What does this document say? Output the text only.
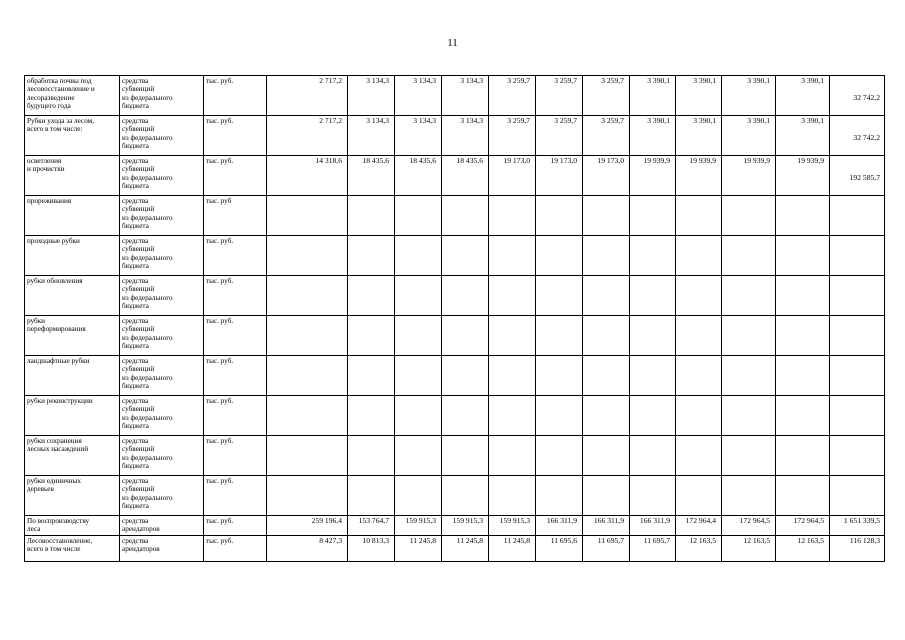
11
обработка почвы под
лесовосстановление и
лесоразведение
будущего года	средства
субвенций
из федерального
бюджета	тыс. руб.	2 717,2	3 134,3	3 134,3	3 134,3	3 259,7	3 259,7	3 259,7	3 390,1	3 390,1	3 390,1	3 390,1	32 742,2
Рубки ухода за лесом,
всего в том числе:	средства
субвенций
из федерального
бюджета	тыс. руб.	2 717,2	3 134,3	3 134,3	3 134,3	3 259,7	3 259,7	3 259,7	3 390,1	3 390,1	3 390,1	3 390,1	32 742,2
осветления
и прочистки	средства
субвенций
из федерального
бюджета	тыс. руб.	14 318,6	18 435,6	18 435,6	18 435,6	19 173,0	19 173,0	19 173,0	19 939,9	19 939,9	19 939,9	19 939,9	192 585,7
прореживания	средства
субвенций
из федерального
бюджета	тыс. руб												
проходные рубки	средства
субвенций
из федерального
бюджета	тыс. руб.												
рубки обновления	средства
субвенций
из федерального
бюджета	тыс. руб.												
рубки
переформирования	средства
субвенций
из федерального
бюджета	тыс. руб.												
ландшафтные рубки	средства
субвенций
из федерального
бюджета	тыс. руб.												
рубки реконструкции	средства
субвенций
из федерального
бюджета	тыс. руб.												
рубки сохранения
лесных насаждений	средства
субвенций
из федерального
бюджета	тыс. руб.												
рубки единичных
деревьев	средства
субвенций
из федерального
бюджета	тыс. руб.												
По воспроизводству
леса	средства
арендаторов	тыс. руб.	259 196,4	153 764,7	159 915,3	159 915,3	159 915,3	166 311,9	166 311,9	166 311,9	172 964,4	172 964,5	172 964,5	1 651 339,5
Лесовосстановление,
всего в том числе	средства
арендаторов	тыс. руб.	8 427,3	10 813,3	11 245,8	11 245,8	11 245,8	11 695,6	11 695,7	11 695,7	12 163,5	12 163,5	12 163,5	116 128,3
